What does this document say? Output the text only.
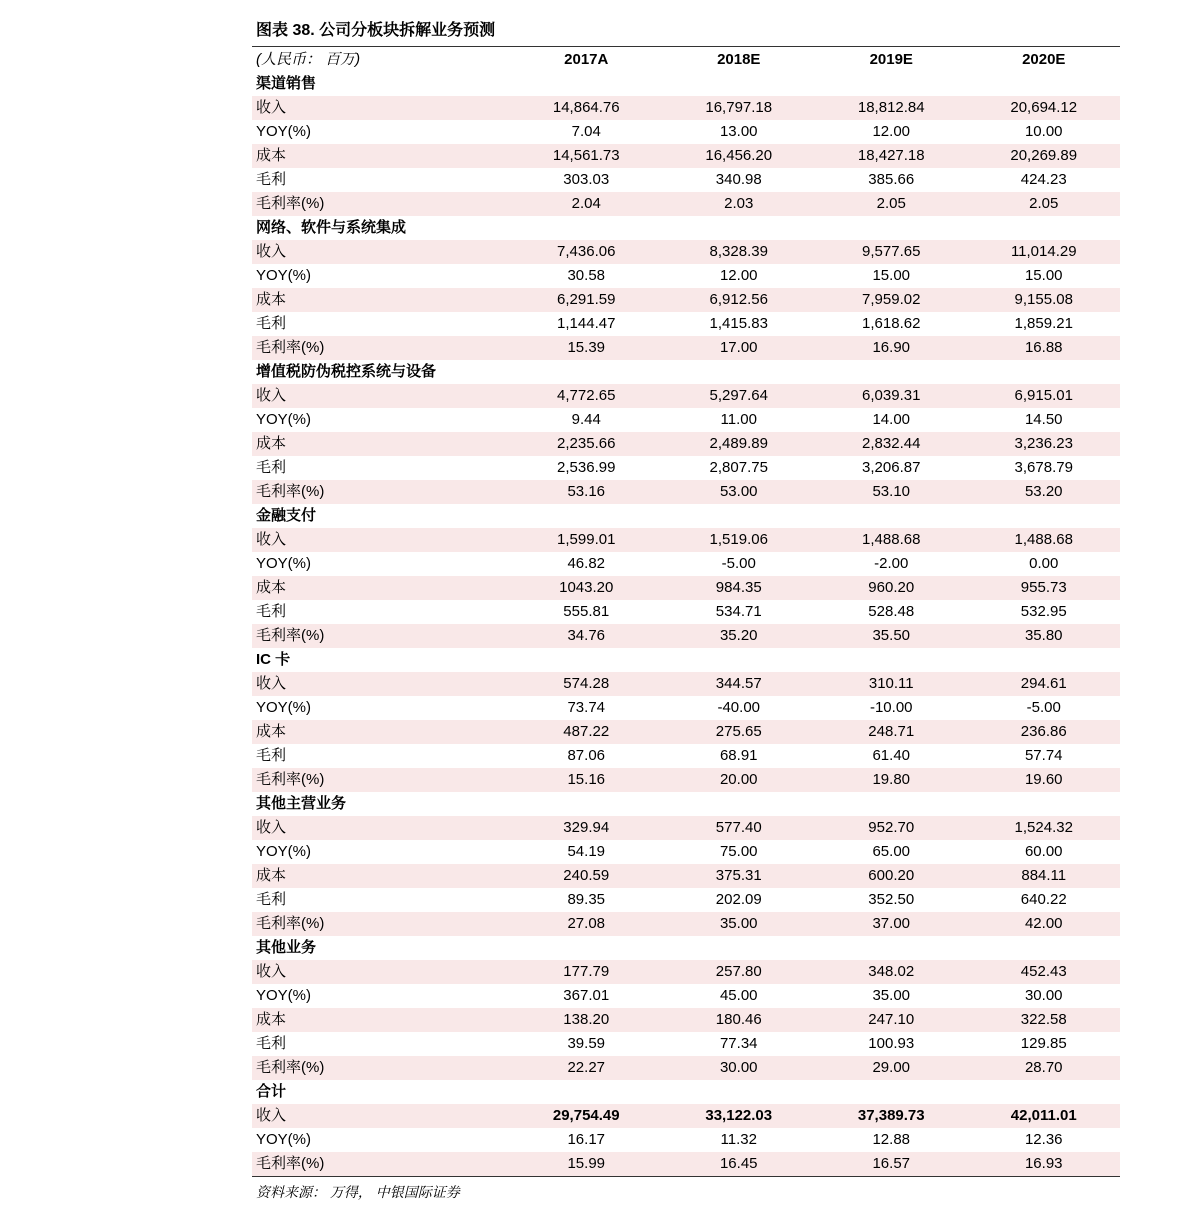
图表 38. 公司分板块拆解业务预测
(人民币： 百万)	2017A	2018E	2019E	2020E
渠道销售				
收入	14,864.76	16,797.18	18,812.84	20,694.12
YOY(%)	7.04	13.00	12.00	10.00
成本	14,561.73	16,456.20	18,427.18	20,269.89
毛利	303.03	340.98	385.66	424.23
毛利率(%)	2.04	2.03	2.05	2.05
网络、软件与系统集成				
收入	7,436.06	8,328.39	9,577.65	11,014.29
YOY(%)	30.58	12.00	15.00	15.00
成本	6,291.59	6,912.56	7,959.02	9,155.08
毛利	1,144.47	1,415.83	1,618.62	1,859.21
毛利率(%)	15.39	17.00	16.90	16.88
增值税防伪税控系统与设备				
收入	4,772.65	5,297.64	6,039.31	6,915.01
YOY(%)	9.44	11.00	14.00	14.50
成本	2,235.66	2,489.89	2,832.44	3,236.23
毛利	2,536.99	2,807.75	3,206.87	3,678.79
毛利率(%)	53.16	53.00	53.10	53.20
金融支付				
收入	1,599.01	1,519.06	1,488.68	1,488.68
YOY(%)	46.82	-5.00	-2.00	0.00
成本	1043.20	984.35	960.20	955.73
毛利	555.81	534.71	528.48	532.95
毛利率(%)	34.76	35.20	35.50	35.80
IC 卡				
收入	574.28	344.57	310.11	294.61
YOY(%)	73.74	-40.00	-10.00	-5.00
成本	487.22	275.65	248.71	236.86
毛利	87.06	68.91	61.40	57.74
毛利率(%)	15.16	20.00	19.80	19.60
其他主营业务				
收入	329.94	577.40	952.70	1,524.32
YOY(%)	54.19	75.00	65.00	60.00
成本	240.59	375.31	600.20	884.11
毛利	89.35	202.09	352.50	640.22
毛利率(%)	27.08	35.00	37.00	42.00
其他业务				
收入	177.79	257.80	348.02	452.43
YOY(%)	367.01	45.00	35.00	30.00
成本	138.20	180.46	247.10	322.58
毛利	39.59	77.34	100.93	129.85
毛利率(%)	22.27	30.00	29.00	28.70
合计				
收入	29,754.49	33,122.03	37,389.73	42,011.01
YOY(%)	16.17	11.32	12.88	12.36
毛利率(%)	15.99	16.45	16.57	16.93
资料来源： 万得， 中银国际证券
